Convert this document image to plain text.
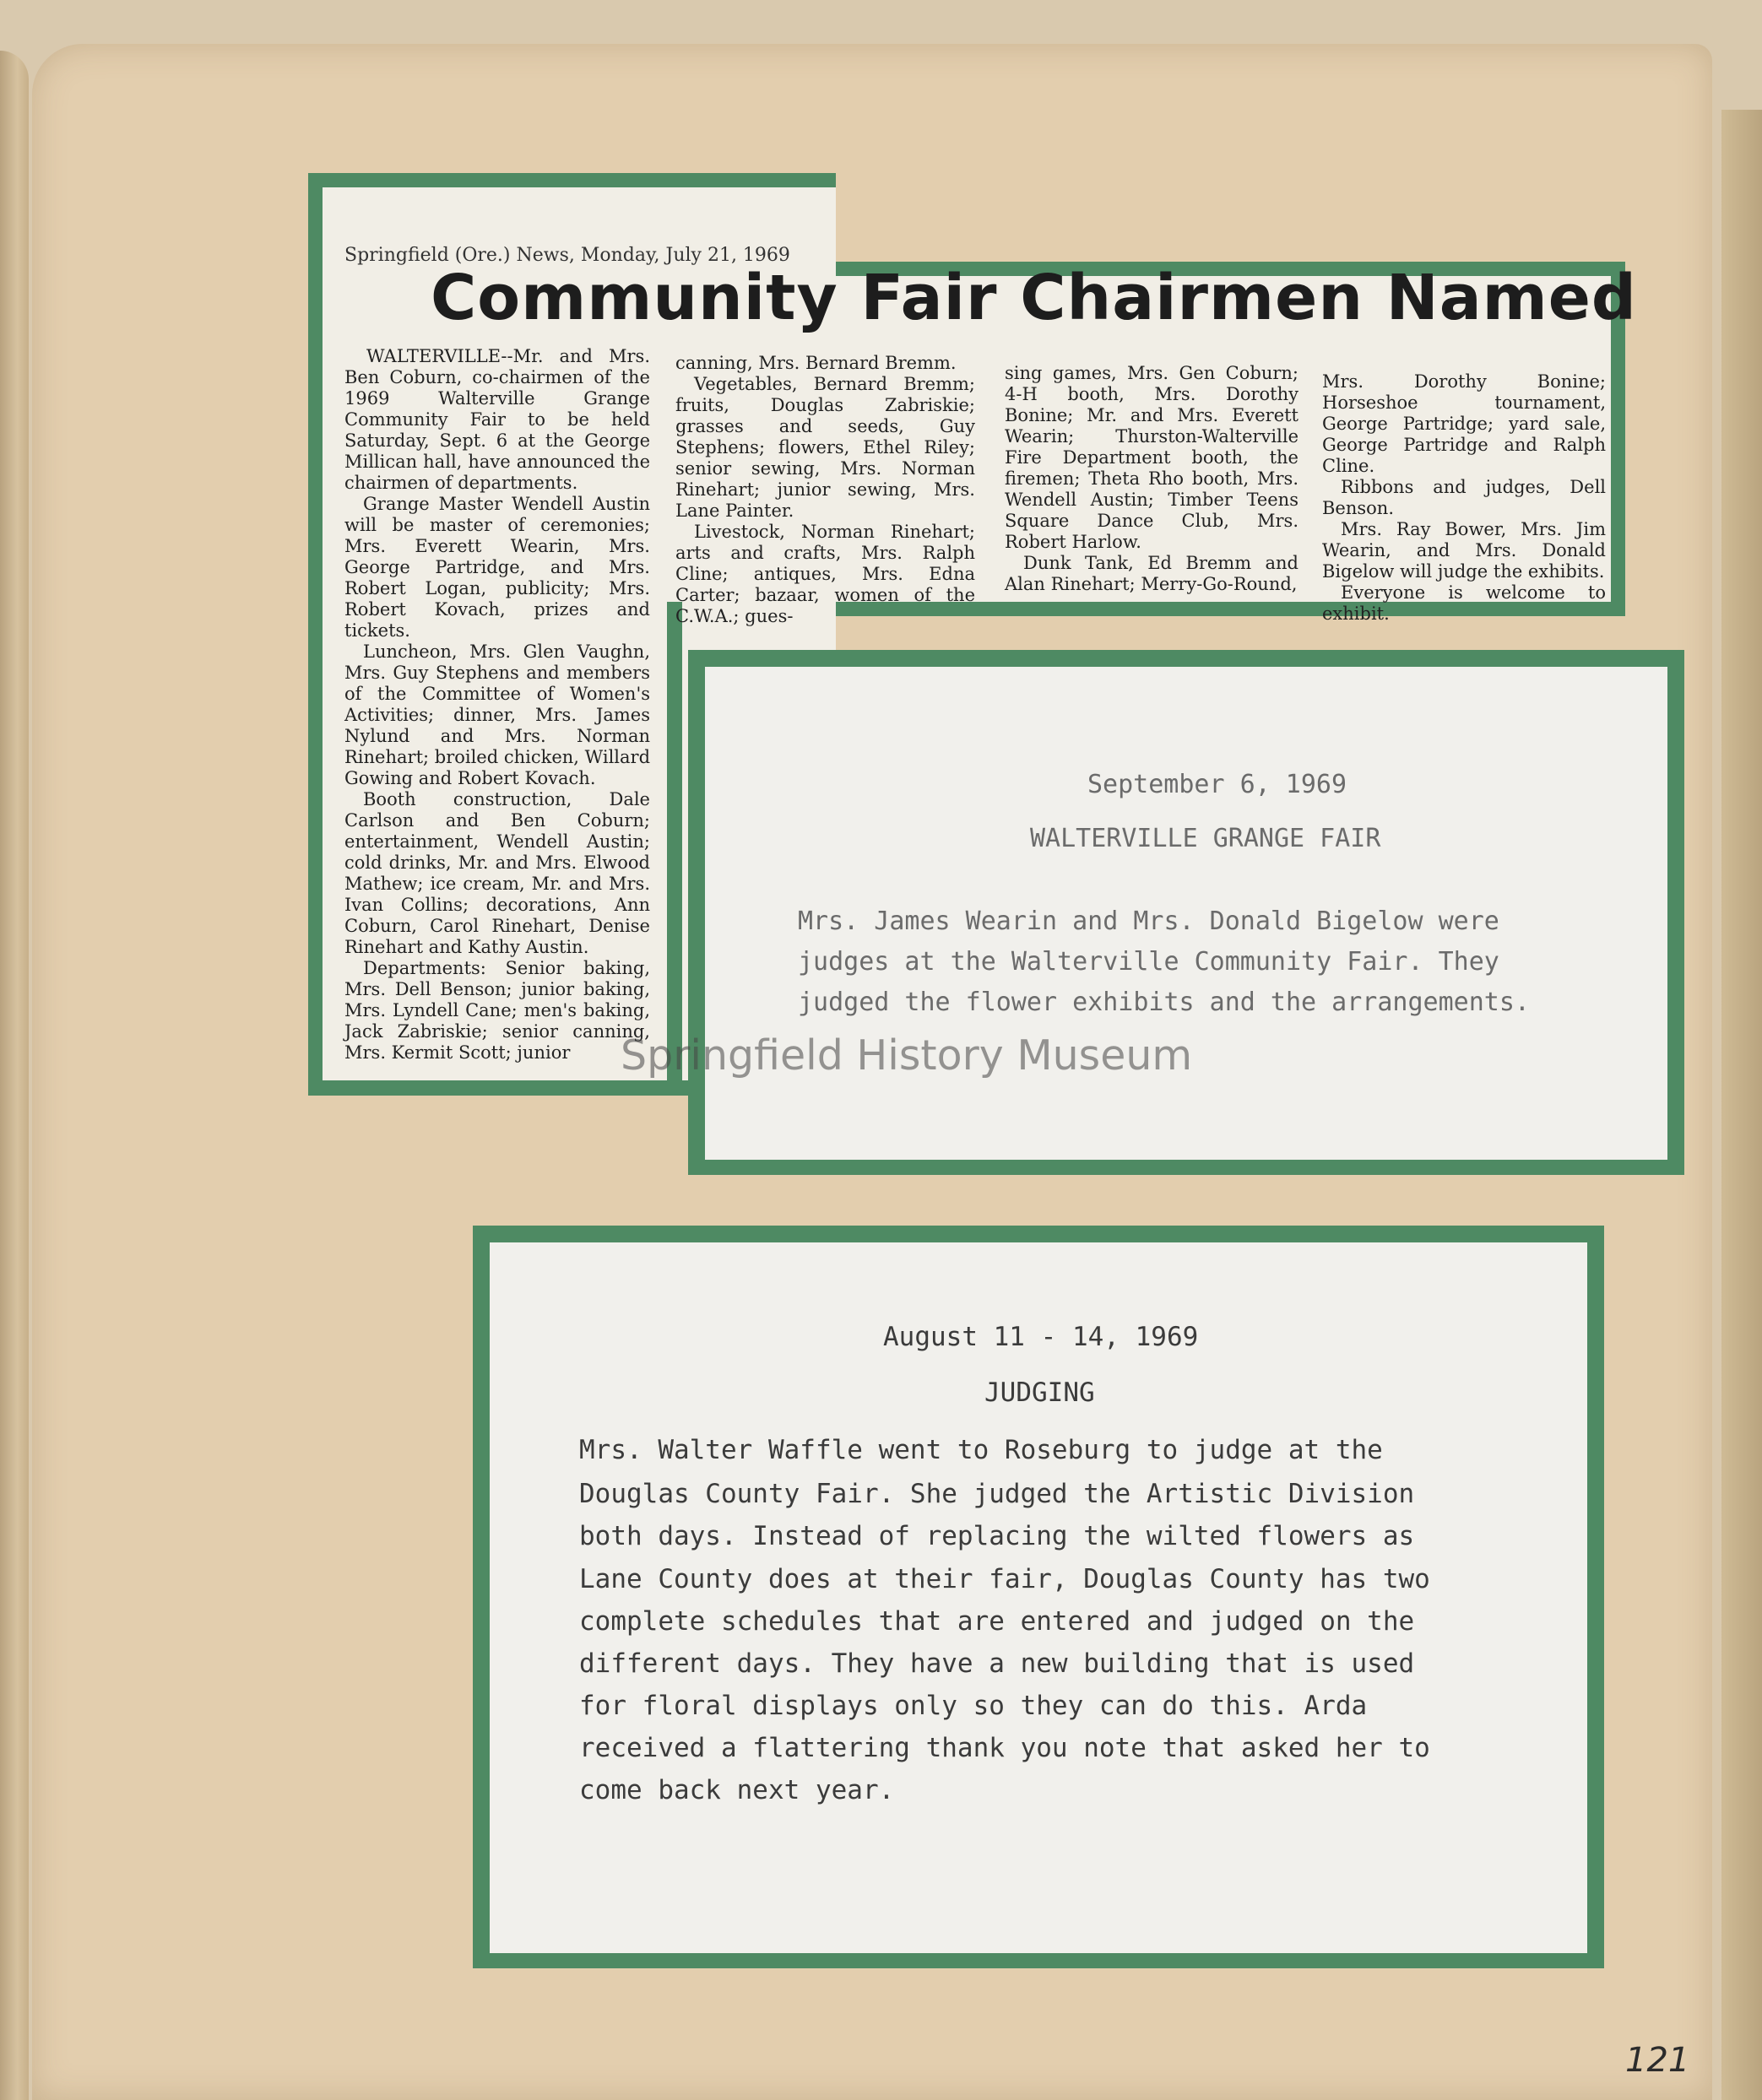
Springfield (Ore.) News, Monday, July 21, 1969
Community Fair Chairmen Named

WALTERVILLE--Mr. and Mrs. Ben Coburn, co-chairmen of the 1969 Walterville Grange Community Fair to be held Saturday, Sept. 6 at the George Millican hall, have announced the chairmen of departments.

Grange Master Wendell Austin will be master of ceremonies; Mrs. Everett Wearin, Mrs. George Partridge, and Mrs. Robert Logan, publicity; Mrs. Robert Kovach, prizes and tickets.

Luncheon, Mrs. Glen Vaughn, Mrs. Guy Stephens and members of the Committee of Women's Activities; dinner, Mrs. James Nylund and Mrs. Norman Rinehart; broiled chicken, Willard Gowing and Robert Kovach.

Booth construction, Dale Carlson and Ben Coburn; entertainment, Wendell Austin; cold drinks, Mr. and Mrs. Elwood Mathew; ice cream, Mr. and Mrs. Ivan Collins; decorations, Ann Coburn, Carol Rinehart, Denise Rinehart and Kathy Austin.

Departments: Senior baking, Mrs. Dell Benson; junior baking, Mrs. Lyndell Cane; men's baking, Jack Zabriskie; senior canning, Mrs. Kermit Scott; junior

canning, Mrs. Bernard Bremm.

Vegetables, Bernard Bremm; fruits, Douglas Zabriskie; grasses and seeds, Guy Stephens; flowers, Ethel Riley; senior sewing, Mrs. Norman Rinehart; junior sewing, Mrs. Lane Painter.

Livestock, Norman Rinehart; arts and crafts, Mrs. Ralph Cline; antiques, Mrs. Edna Carter; bazaar, women of the C.W.A.; gues-

sing games, Mrs. Gen Coburn; 4-H booth, Mrs. Dorothy Bonine; Mr. and Mrs. Everett Wearin; Thurston-Walterville Fire Department booth, the firemen; Theta Rho booth, Mrs. Wendell Austin; Timber Teens Square Dance Club, Mrs. Robert Harlow.

Dunk Tank, Ed Bremm and Alan Rinehart; Merry-Go-Round,

Mrs. Dorothy Bonine; Horseshoe tournament, George Partridge; yard sale, George Partridge and Ralph Cline.

Ribbons and judges, Dell Benson.

Mrs. Ray Bower, Mrs. Jim Wearin, and Mrs. Donald Bigelow will judge the exhibits.

Everyone is welcome to exhibit.

September 6, 1969
WALTERVILLE GRANGE FAIR
Mrs. James Wearin and Mrs. Donald Bigelow were
judges at the Walterville Community Fair. They
judged the flower exhibits and the arrangements.
August 11 - 14, 1969
JUDGING
Mrs. Walter Waffle went to Roseburg to judge at the
Douglas County Fair. She judged the Artistic Division
both days. Instead of replacing the wilted flowers as
Lane County does at their fair, Douglas County has two
complete schedules that are entered and judged on the
different days. They have a new building that is used
for floral displays only so they can do this. Arda
received a flattering thank you note that asked her to
come back next year.
Springfield History Museum
121
